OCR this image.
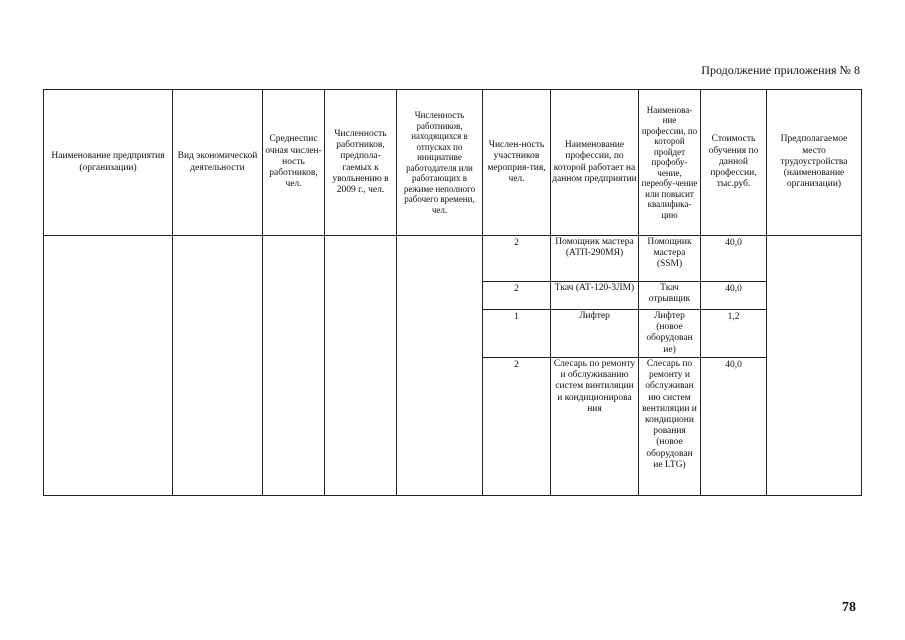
Продолжение приложения № 8
Наименование предприятия (организации)	Вид экономической деятельности	Среднеспис очная числен-ность работников, чел.	Численность работников, предпола-гаемых к увольнению в 2009 г., чел.	Численность работников, находящихся в отпусках по инициативе работодателя или работающих в режиме неполного рабочего времени, чел.	Числен-ность участников мероприя-тия, чел.	Наименование профессии, по которой работает на данном предприятии	Наименова-ние профессии, по которой пройдет профобу-чение, переобу-чение или повысит квалифика-цию	Стоимость обучения по данной профессии, тыс.руб.	Предполагаемое место трудоустройства (наименование организации)
					2	Помощник мастера (АТП-290МЯ)	Помощник мастера (SSM)	40,0	
					2	Ткач (АТ-120-3ЛМ)	Ткач отрывщик	40,0	
					1	Лифтер	Лифтер (новое оборудован ие)	1,2	
					2	Слесарь по ремонту и обслуживанию систем винтиляции и кондиционирова ния	Слесарь по ремонту и обслуживан ию систем вентиляции и кондициони рования (новое оборудован ие LTG)	40,0	
78
